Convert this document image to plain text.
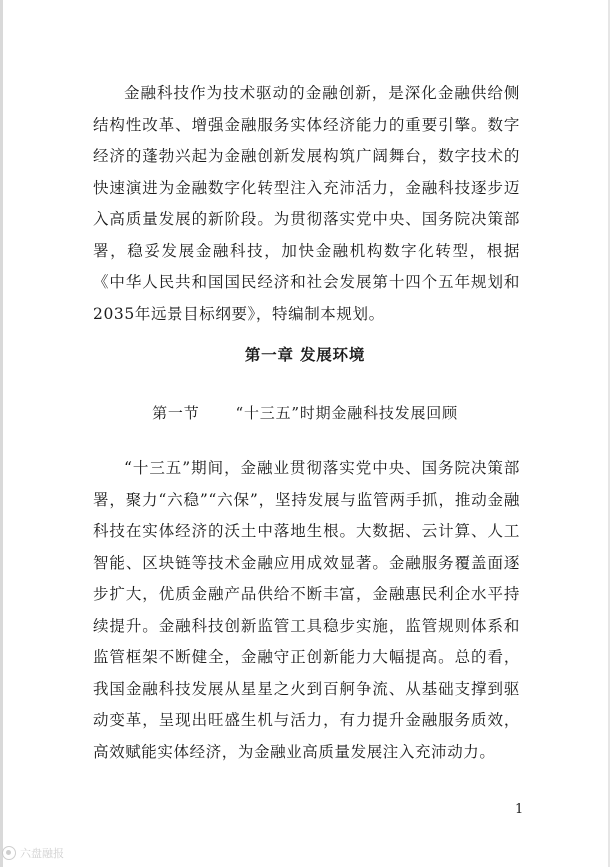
金融科技作为技术驱动的金融创新，是深化金融供给侧结构性改革、增强金融服务实体经济能力的重要引擎。数字经济的蓬勃兴起为金融创新发展构筑广阔舞台，数字技术的快速演进为金融数字化转型注入充沛活力，金融科技逐步迈入高质量发展的新阶段。为贯彻落实党中央、国务院决策部署，稳妥发展金融科技，加快金融机构数字化转型，根据《中华人民共和国国民经济和社会发展第十四个五年规划和2035年远景目标纲要》，特编制本规划。

第一章 发展环境
第一节 “十三五”时期金融科技发展回顾

“十三五”期间，金融业贯彻落实党中央、国务院决策部署，聚力“六稳”“六保”，坚持发展与监管两手抓，推动金融科技在实体经济的沃土中落地生根。大数据、云计算、人工智能、区块链等技术金融应用成效显著。金融服务覆盖面逐步扩大，优质金融产品供给不断丰富，金融惠民利企水平持续提升。金融科技创新监管工具稳步实施，监管规则体系和监管框架不断健全，金融守正创新能力大幅提高。总的看，我国金融科技发展从星星之火到百舸争流、从基础支撑到驱动变革，呈现出旺盛生机与活力，有力提升金融服务质效，高效赋能实体经济，为金融业高质量发展注入充沛动力。

1
六盘融报
